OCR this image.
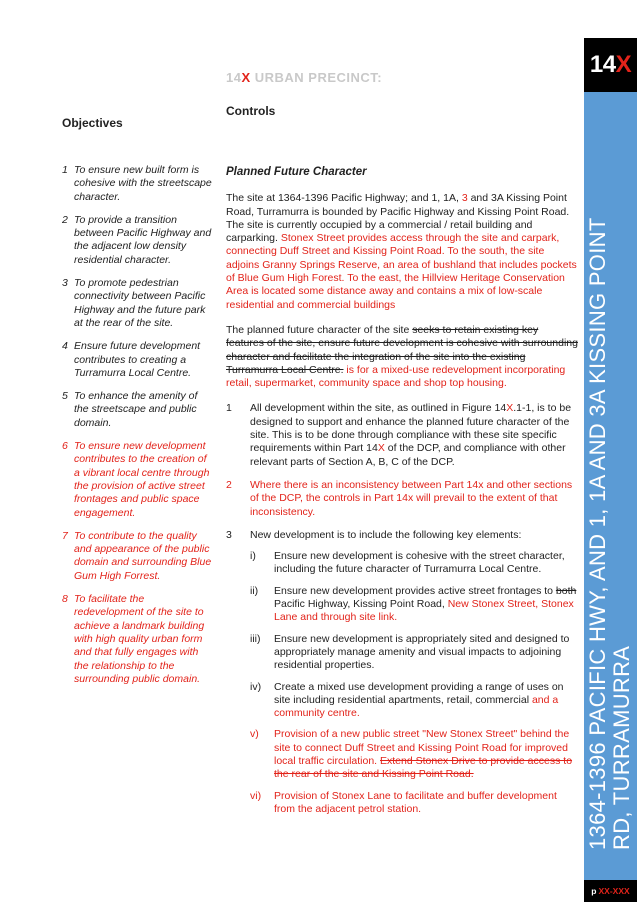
14X URBAN PRECINCT:
Controls
Objectives
1 To ensure new built form is cohesive with the streetscape character.
2 To provide a transition between Pacific Highway and the adjacent low density residential character.
3 To promote pedestrian connectivity between Pacific Highway and the future park at the rear of the site.
4 Ensure future development contributes to creating a Turramurra Local Centre.
5 To enhance the amenity of the streetscape and public domain.
6 To ensure new development contributes to the creation of a vibrant local centre through the provision of active street frontages and public space engagement.
7 To contribute to the quality and appearance of the public domain and surrounding Blue Gum High Forrest.
8 To facilitate the redevelopment of the site to achieve a landmark building with high quality urban form and that fully engages with the relationship to the surrounding public domain.
Planned Future Character

The site at 1364-1396 Pacific Highway; and 1, 1A, 3 and 3A Kissing Point Road, Turramurra is bounded by Pacific Highway and Kissing Point Road. The site is currently occupied by a commercial / retail building and carparking. Stonex Street provides access through the site and carpark, connecting Duff Street and Kissing Point Road. To the south, the site adjoins Granny Springs Reserve, an area of bushland that includes pockets of Blue Gum High Forest. To the east, the Hillview Heritage Conservation Area is located some distance away and contains a mix of low-scale residential and commercial buildings

The planned future character of the site seeks to retain existing key features of the site, ensure future development is cohesive with surrounding character and facilitate the integration of the site into the existing Turramurra Local Centre. is for a mixed-use redevelopment incorporating retail, supermarket, community space and shop top housing.

1	All development within the site, as outlined in Figure 14X.1-1, is to be designed to support and enhance the planned future character of the site. This is to be done through compliance with these site specific requirements within Part 14X of the DCP, and compliance with other relevant parts of Section A, B, C of the DCP.
2	Where there is an inconsistency between Part 14x and other sections of the DCP, the controls in Part 14x will prevail to the extent of that inconsistency.
3	New development is to include the following key elements:
i)	Ensure new development is cohesive with the street character, including the future character of Turramurra Local Centre.
ii)	Ensure new development provides active street frontages to both Pacific Highway, Kissing Point Road, New Stonex Street, Stonex Lane and through site link.
iii)	Ensure new development is appropriately sited and designed to appropriately manage amenity and visual impacts to adjoining residential properties.
iv)	Create a mixed use development providing a range of uses on site including residential apartments, retail, commercial and a community centre.
v)	Provision of a new public street "New Stonex Street" behind the site to connect Duff Street and Kissing Point Road for improved local traffic circulation. Extend Stonex Drive to provide access to the rear of the site and Kissing Point Road.
vi)	Provision of Stonex Lane to facilitate and buffer development from the adjacent petrol station.
14 X
1364-1396 PACIFIC HWY, AND 1, 1A AND 3A KISSING POINT RD, TURRAMURRA
p XX-XXX
